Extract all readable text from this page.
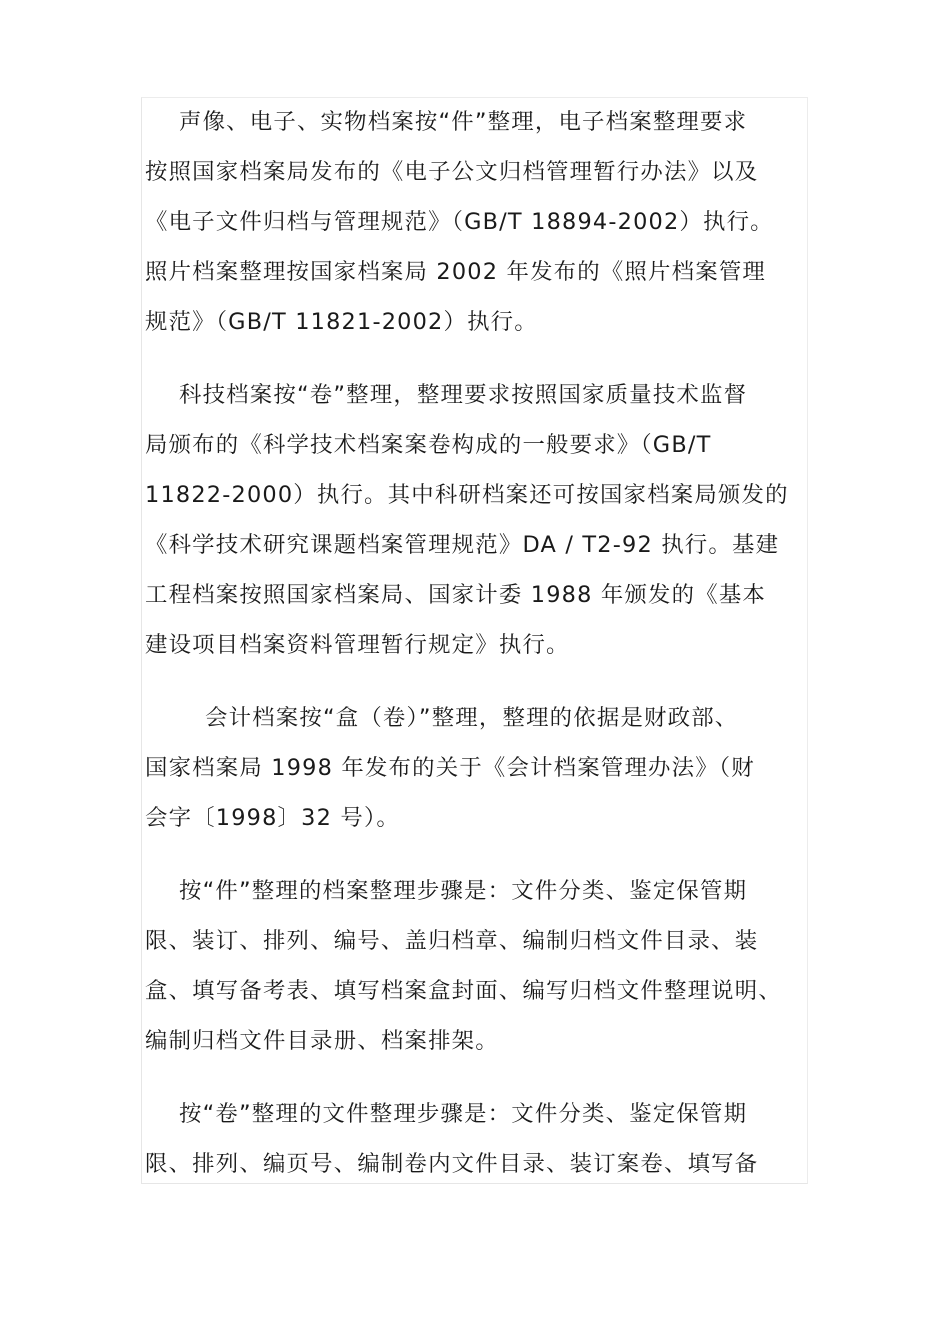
声像、电子、实物档案按“件”整理，电子档案整理要求
按照国家档案局发布的《电子公文归档管理暂行办法》以及
《电子文件归档与管理规范》（GB/T 18894-2002）执行。
照片档案整理按国家档案局 2002 年发布的《照片档案管理
规范》（GB/T 11821-2002）执行。

科技档案按“卷”整理，整理要求按照国家质量技术监督
局颁布的《科学技术档案案卷构成的一般要求》（GB/T
11822-2000）执行。其中科研档案还可按国家档案局颁发的
《科学技术研究课题档案管理规范》DA / T2-92 执行。基建
工程档案按照国家档案局、国家计委 1988 年颁发的《基本
建设项目档案资料管理暂行规定》执行。

会计档案按“盒（卷）”整理，整理的依据是财政部、
国家档案局 1998 年发布的关于《会计档案管理办法》（财
会字〔1998〕32 号）。

按“件”整理的档案整理步骤是：文件分类、鉴定保管期
限、装订、排列、编号、盖归档章、编制归档文件目录、装
盒、填写备考表、填写档案盒封面、编写归档文件整理说明、
编制归档文件目录册、档案排架。

按“卷”整理的文件整理步骤是：文件分类、鉴定保管期
限、排列、编页号、编制卷内文件目录、装订案卷、填写备
